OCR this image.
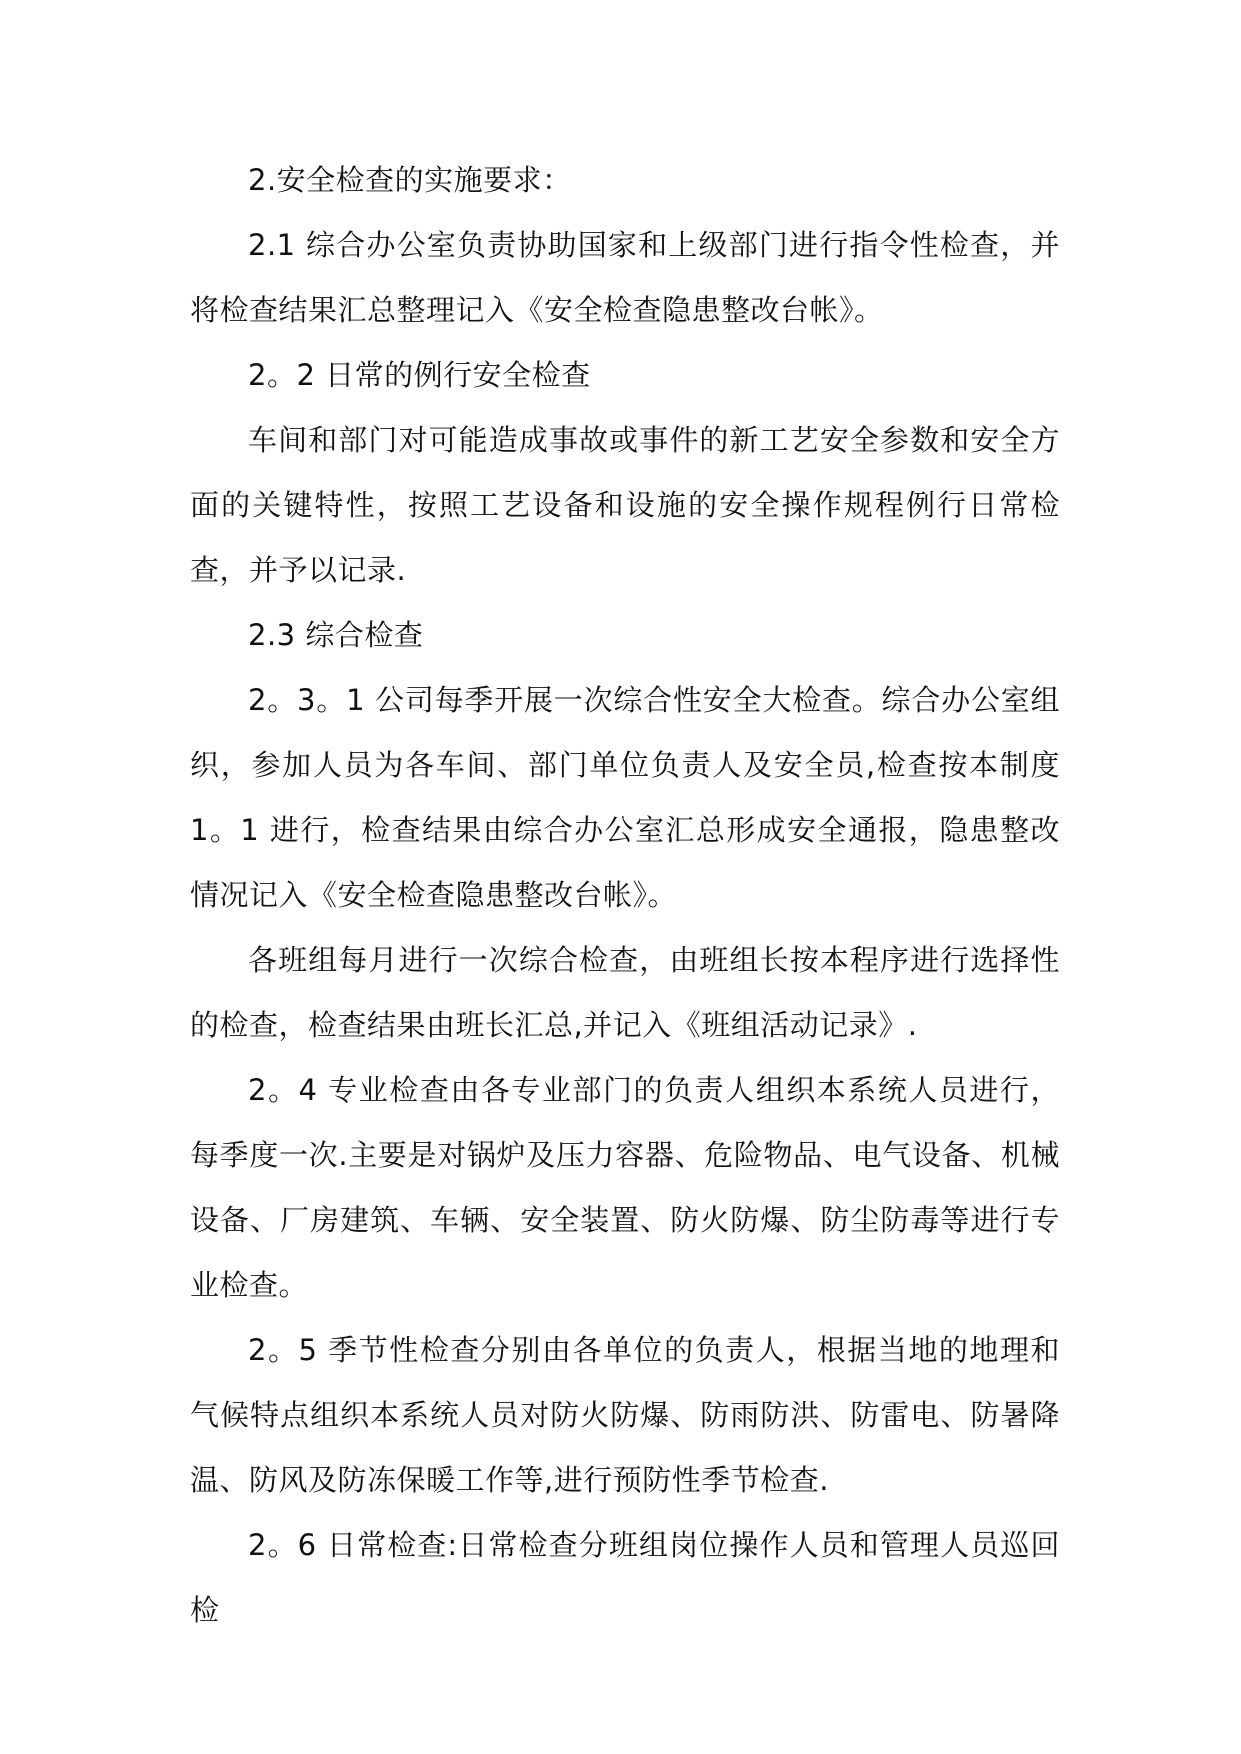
2.安全检查的实施要求：

2.1 综合办公室负责协助国家和上级部门进行指令性检查，并将检查结果汇总整理记入《安全检查隐患整改台帐》。

2。2 日常的例行安全检查

车间和部门对可能造成事故或事件的新工艺安全参数和安全方面的关键特性，按照工艺设备和设施的安全操作规程例行日常检查，并予以记录.

2.3 综合检查

2。3。1 公司每季开展一次综合性安全大检查。综合办公室组织，参加人员为各车间、部门单位负责人及安全员,检查按本制度 1。1 进行，检查结果由综合办公室汇总形成安全通报，隐患整改情况记入《安全检查隐患整改台帐》。

各班组每月进行一次综合检查，由班组长按本程序进行选择性的检查，检查结果由班长汇总,并记入《班组活动记录》.

2。4 专业检查由各专业部门的负责人组织本系统人员进行，每季度一次.主要是对锅炉及压力容器、危险物品、电气设备、机械设备、厂房建筑、车辆、安全装置、防火防爆、防尘防毒等进行专业检查。

2。5 季节性检查分别由各单位的负责人，根据当地的地理和气候特点组织本系统人员对防火防爆、防雨防洪、防雷电、防暑降温、防风及防冻保暖工作等,进行预防性季节检查.

2。6 日常检查:日常检查分班组岗位操作人员和管理人员巡回检
